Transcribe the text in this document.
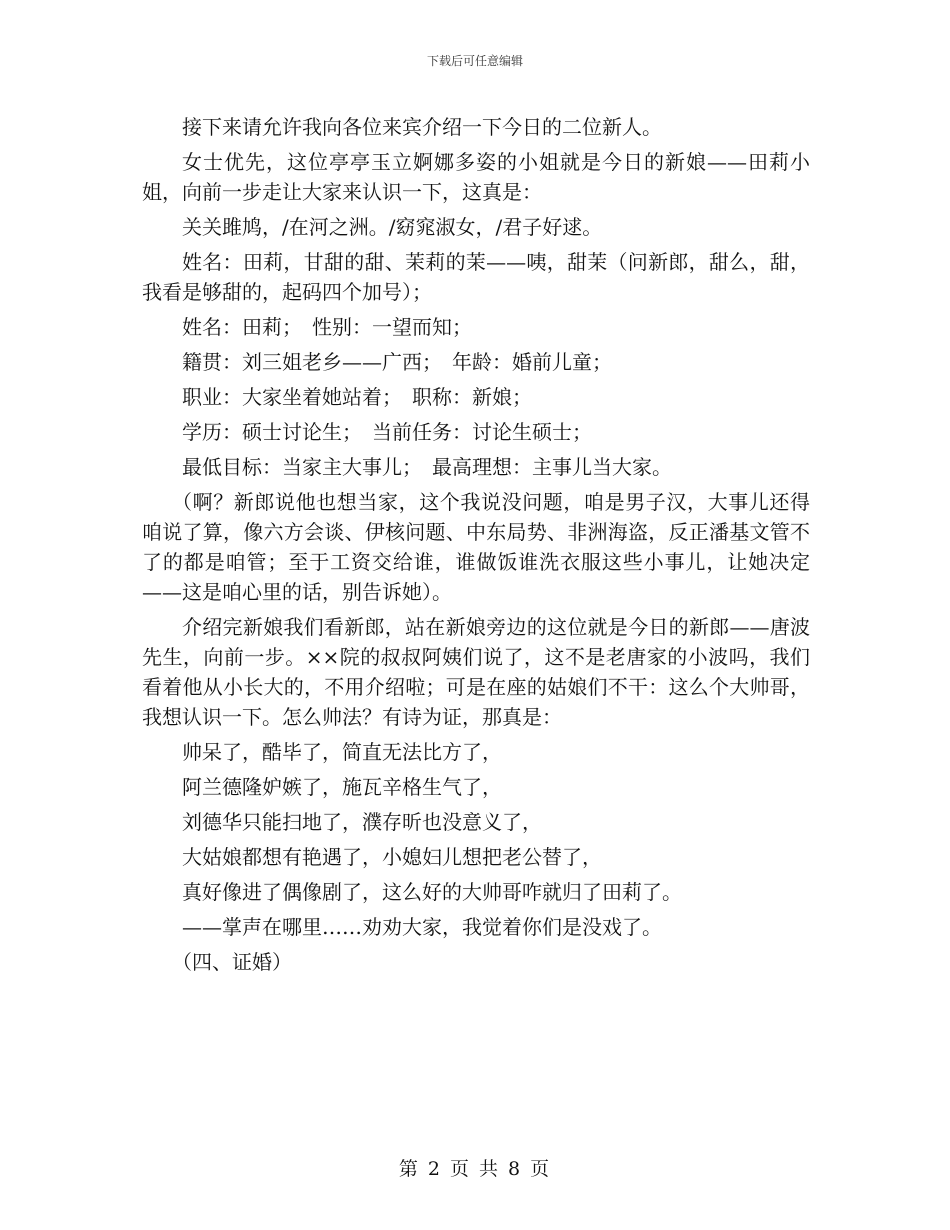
下载后可任意编辑

接下来请允许我向各位来宾介绍一下今日的二位新人。

女士优先，这位亭亭玉立婀娜多姿的小姐就是今日的新娘——田莉小姐，向前一步走让大家来认识一下，这真是：

关关雎鸠，/在河之洲。/窈窕淑女，/君子好逑。

姓名：田莉，甘甜的甜、茉莉的茉——咦，甜茉（问新郎，甜么，甜，我看是够甜的，起码四个加号）；

姓名：田莉；　性别：一望而知；

籍贯：刘三姐老乡——广西；　年龄：婚前儿童；

职业：大家坐着她站着；　职称：新娘；

学历：硕士讨论生；　当前任务：讨论生硕士；

最低目标：当家主大事儿；　最高理想：主事儿当大家。

（啊？新郎说他也想当家，这个我说没问题，咱是男子汉，大事儿还得咱说了算，像六方会谈、伊核问题、中东局势、非洲海盗，反正潘基文管不了的都是咱管；至于工资交给谁，谁做饭谁洗衣服这些小事儿，让她决定——这是咱心里的话，别告诉她）。

介绍完新娘我们看新郎，站在新娘旁边的这位就是今日的新郎——唐波先生，向前一步。××院的叔叔阿姨们说了，这不是老唐家的小波吗，我们看着他从小长大的，不用介绍啦；可是在座的姑娘们不干：这么个大帅哥，我想认识一下。怎么帅法？有诗为证，那真是：

帅呆了，酷毕了，简直无法比方了，

阿兰德隆妒嫉了，施瓦辛格生气了，

刘德华只能扫地了，濮存昕也没意义了，

大姑娘都想有艳遇了，小媳妇儿想把老公替了，

真好像进了偶像剧了，这么好的大帅哥咋就归了田莉了。

——掌声在哪里……劝劝大家，我觉着你们是没戏了。

（四、证婚）

第 2 页 共 8 页
